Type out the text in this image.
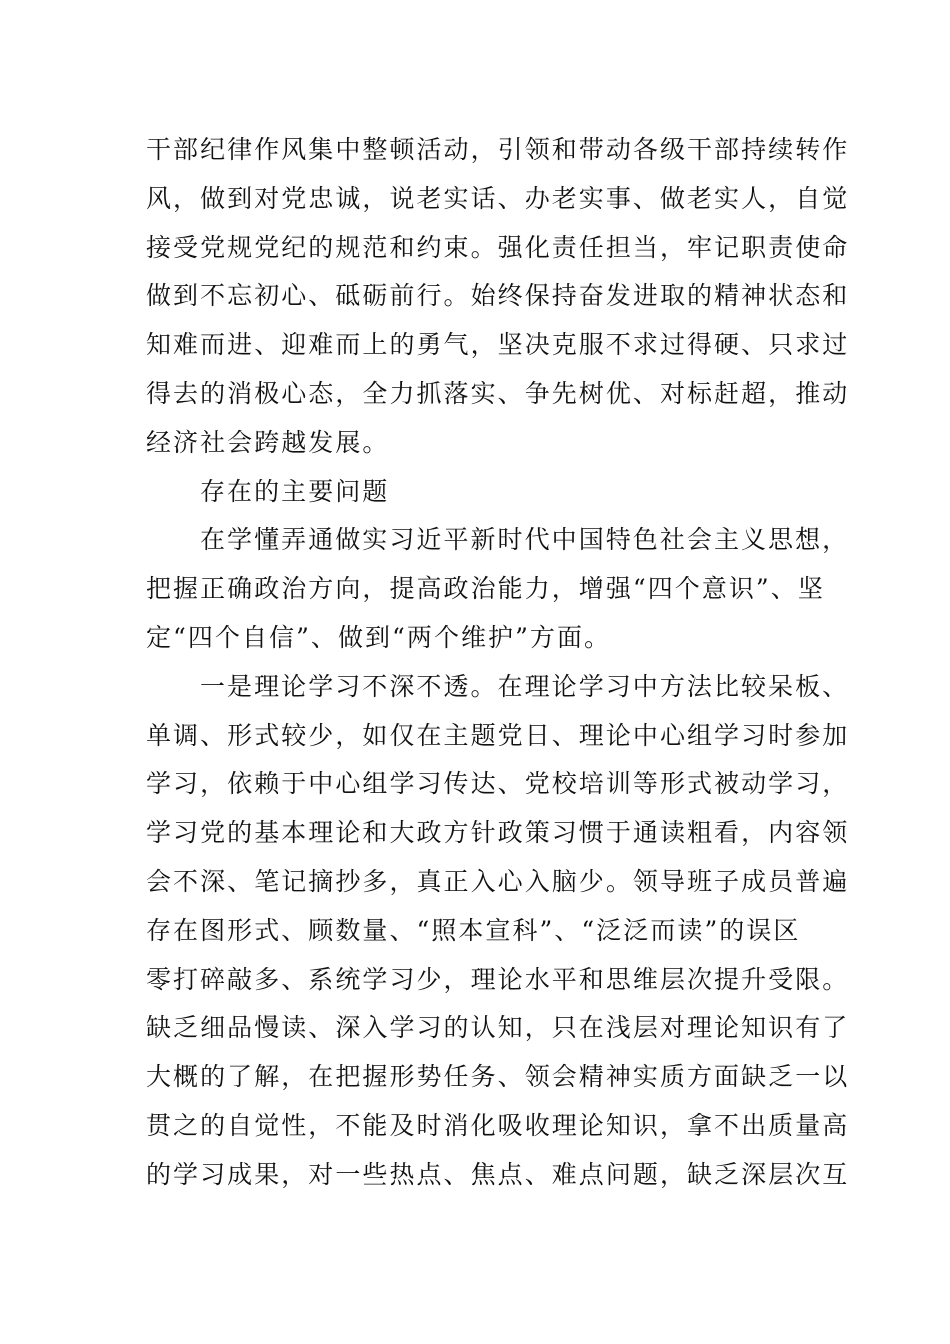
干部纪律作风集中整顿活动，引领和带动各级干部持续转作
风，做到对党忠诚，说老实话、办老实事、做老实人，自觉
接受党规党纪的规范和约束。强化责任担当，牢记职责使命
做到不忘初心、砥砺前行。始终保持奋发进取的精神状态和
知难而进、迎难而上的勇气，坚决克服不求过得硬、只求过
得去的消极心态，全力抓落实、争先树优、对标赶超，推动
经济社会跨越发展。
存在的主要问题
在学懂弄通做实习近平新时代中国特色社会主义思想，
把握正确政治方向，提高政治能力，增强“四个意识”、坚
定“四个自信”、做到“两个维护”方面。
一是理论学习不深不透。在理论学习中方法比较呆板、
单调、形式较少，如仅在主题党日、理论中心组学习时参加
学习，依赖于中心组学习传达、党校培训等形式被动学习，
学习党的基本理论和大政方针政策习惯于通读粗看，内容领
会不深、笔记摘抄多，真正入心入脑少。领导班子成员普遍
存在图形式、顾数量、“照本宣科”、“泛泛而读”的误区
零打碎敲多、系统学习少，理论水平和思维层次提升受限。
缺乏细品慢读、深入学习的认知，只在浅层对理论知识有了
大概的了解，在把握形势任务、领会精神实质方面缺乏一以
贯之的自觉性，不能及时消化吸收理论知识，拿不出质量高
的学习成果，对一些热点、焦点、难点问题，缺乏深层次互
